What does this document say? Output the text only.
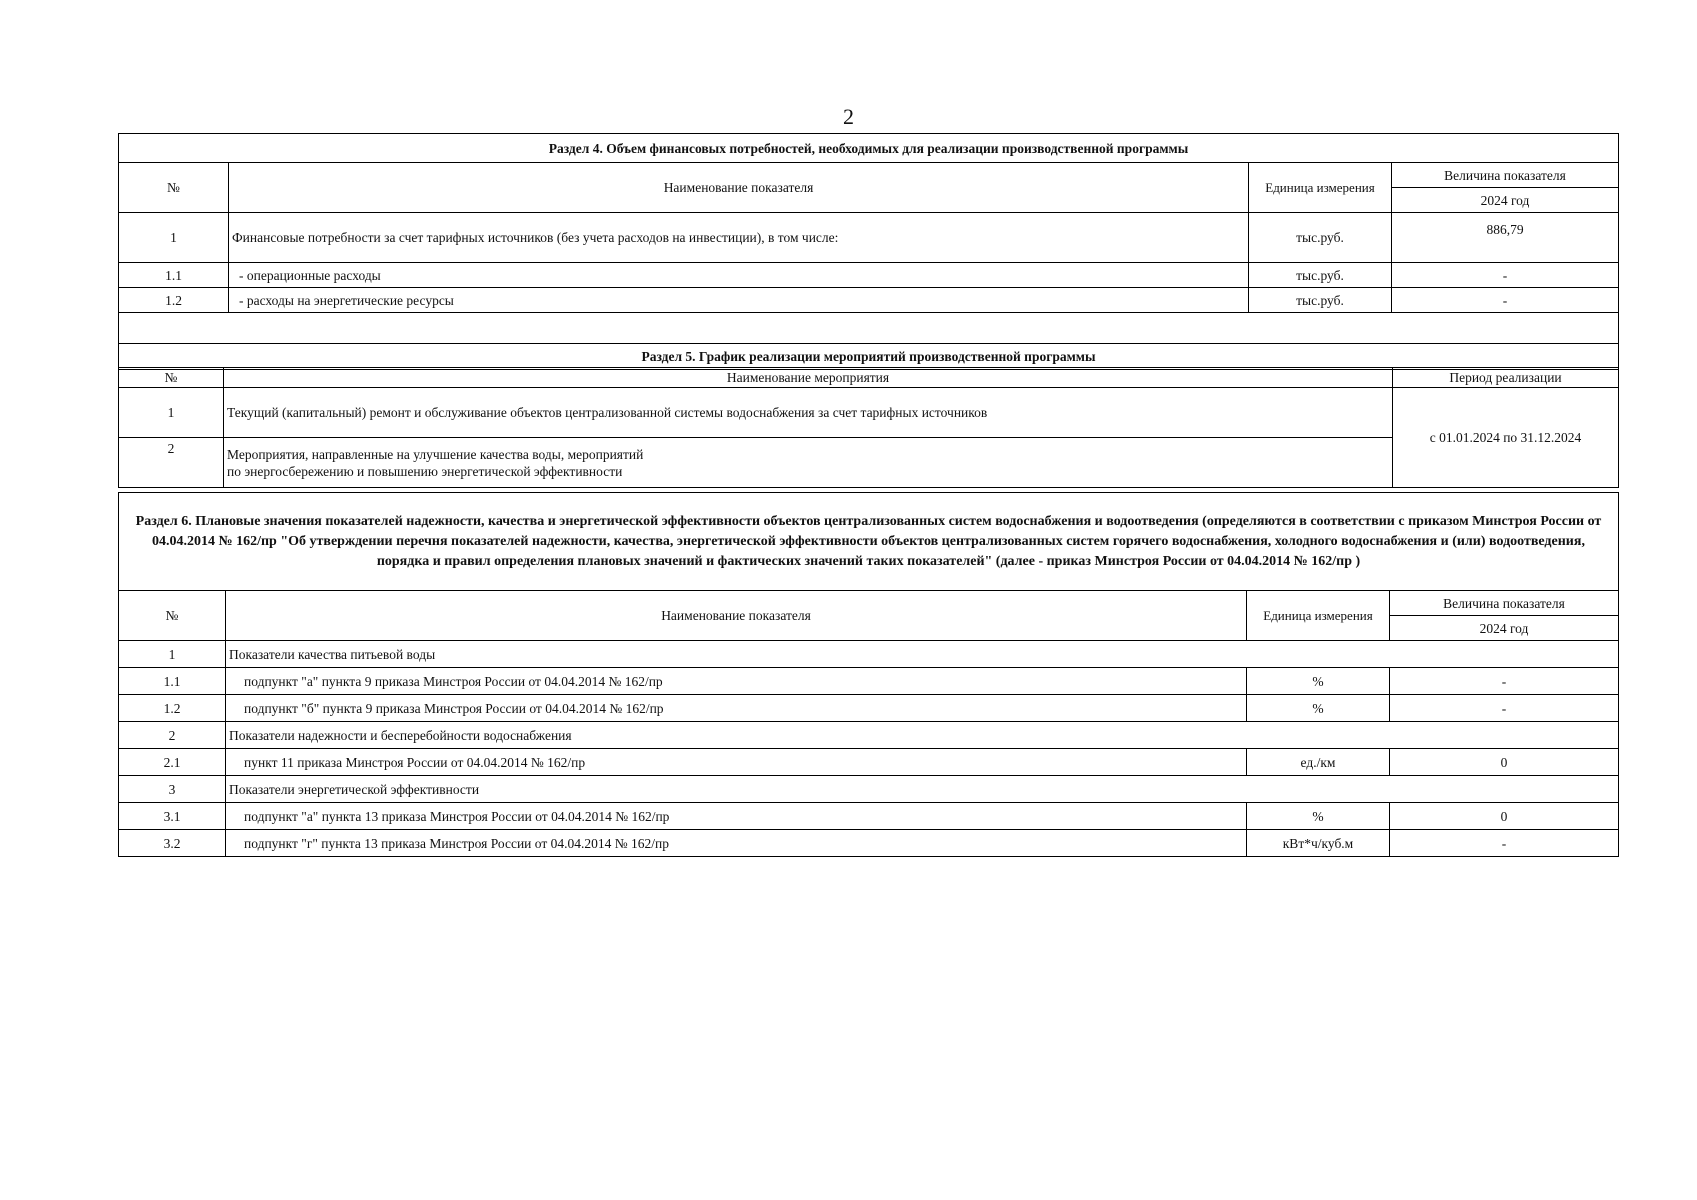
2
Раздел 4. Объем финансовых потребностей, необходимых для реализации производственной программы			
№	Наименование показателя	Единица измерения	Величина показателя
			2024 год
1	Финансовые потребности за счет тарифных источников (без учета расходов на инвестиции), в том числе:	тыс.руб.	886,79
1.1	- операционные расходы	тыс.руб.	-
1.2	- расходы на энергетические ресурсы	тыс.руб.	-

Раздел 5. График реализации мероприятий производственной программы			
№	Наименование мероприятия	Период реализации
1	Текущий (капитальный) ремонт и обслуживание объектов централизованной системы водоснабжения за счет тарифных источников	с 01.01.2024 по 31.12.2024
2	Мероприятия, направленные на улучшение качества воды, мероприятий
по энергосбережению и повышению энергетической эффективности	
Раздел 6. Плановые значения показателей надежности, качества и энергетической эффективности объектов централизованных систем водоснабжения и водоотведения (определяются в соответствии с приказом Минстроя России от 04.04.2014 № 162/пр "Об утверждении перечня показателей надежности, качества, энергетической эффективности объектов централизованных систем горячего водоснабжения, холодного водоснабжения и (или) водоотведения, порядка и правил определения плановых значений и фактических значений таких показателей" (далее - приказ Минстроя России от 04.04.2014 № 162/пр )
№	Наименование показателя	Единица измерения	Величина показателя
			2024 год
1	Показатели качества питьевой воды		
1.1	подпункт "а" пункта 9 приказа Минстроя России от 04.04.2014 № 162/пр	%	-
1.2	подпункт "б" пункта 9 приказа Минстроя России от 04.04.2014 № 162/пр	%	-
2	Показатели надежности и бесперебойности водоснабжения		
2.1	пункт 11 приказа Минстроя России от 04.04.2014 № 162/пр	ед./км	0
3	Показатели энергетической эффективности		
3.1	подпункт "а" пункта 13 приказа Минстроя России от 04.04.2014 № 162/пр	%	0
3.2	подпункт "г" пункта 13 приказа Минстроя России от 04.04.2014 № 162/пр	кВт*ч/куб.м	-
